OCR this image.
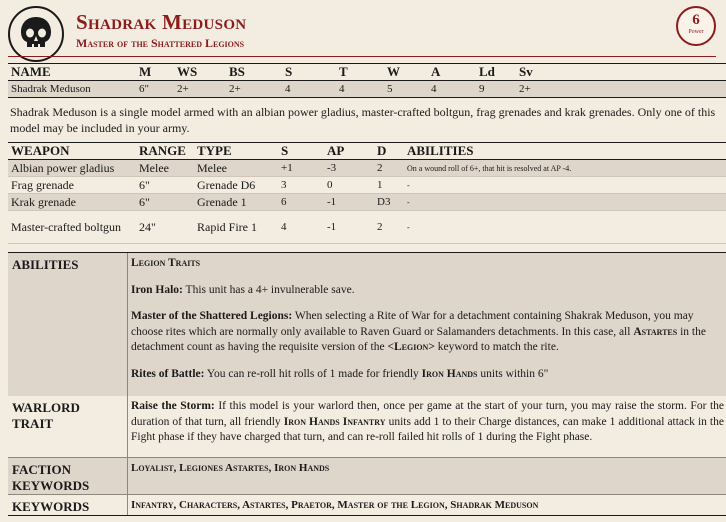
Shadrak Meduson
Master of the Shattered Legions
6
Power
NAME	M	WS	BS	S	T	W	A	Ld	Sv
Shadrak Meduson	6"	2+	2+	4	4	5	4	9	2+
Shadrak Meduson is a single model armed with an albian power gladius, master-crafted boltgun, frag grenades and krak grenades. Only one of this model may be included in your army.
WEAPON	RANGE	TYPE	S	AP	D	ABILITIES
Albian power gladius	Melee	Melee	+1	-3	2	On a wound roll of 6+, that hit is resolved at AP -4.
Frag grenade	6"	Grenade D6	3	0	1	-
Krak grenade	6"	Grenade 1	6	-1	D3	-
Master-crafted boltgun	24"	Rapid Fire 1	4	-1	2	-
ABILITIES	Legion Traits
Iron Halo: This unit has a 4+ invulnerable save.
Master of the Shattered Legions: When selecting a Rite of War for a detachment containing Shakrak Meduson, you may choose rites which are normally only available to Raven Guard or Salamanders detachments. In this case, all Astartes in the detachment count as having the requisite version of the <Legion> keyword to match the rite.
Rites of Battle: You can re-roll hit rolls of 1 made for friendly Iron Hands units within 6"
WARLORD TRAIT
Raise the Storm: If this model is your warlord then, once per game at the start of your turn, you may raise the storm. For the duration of that turn, all friendly Iron Hands Infantry units add 1 to their Charge distances, can make 1 additional attack in the Fight phase if they have charged that turn, and can re-roll failed hit rolls of 1 during the Fight phase.
FACTION KEYWORDS
Loyalist, Legiones Astartes, Iron Hands
KEYWORDS	Infantry, Characters, Astartes, Praetor, Master of the Legion, Shadrak Meduson
